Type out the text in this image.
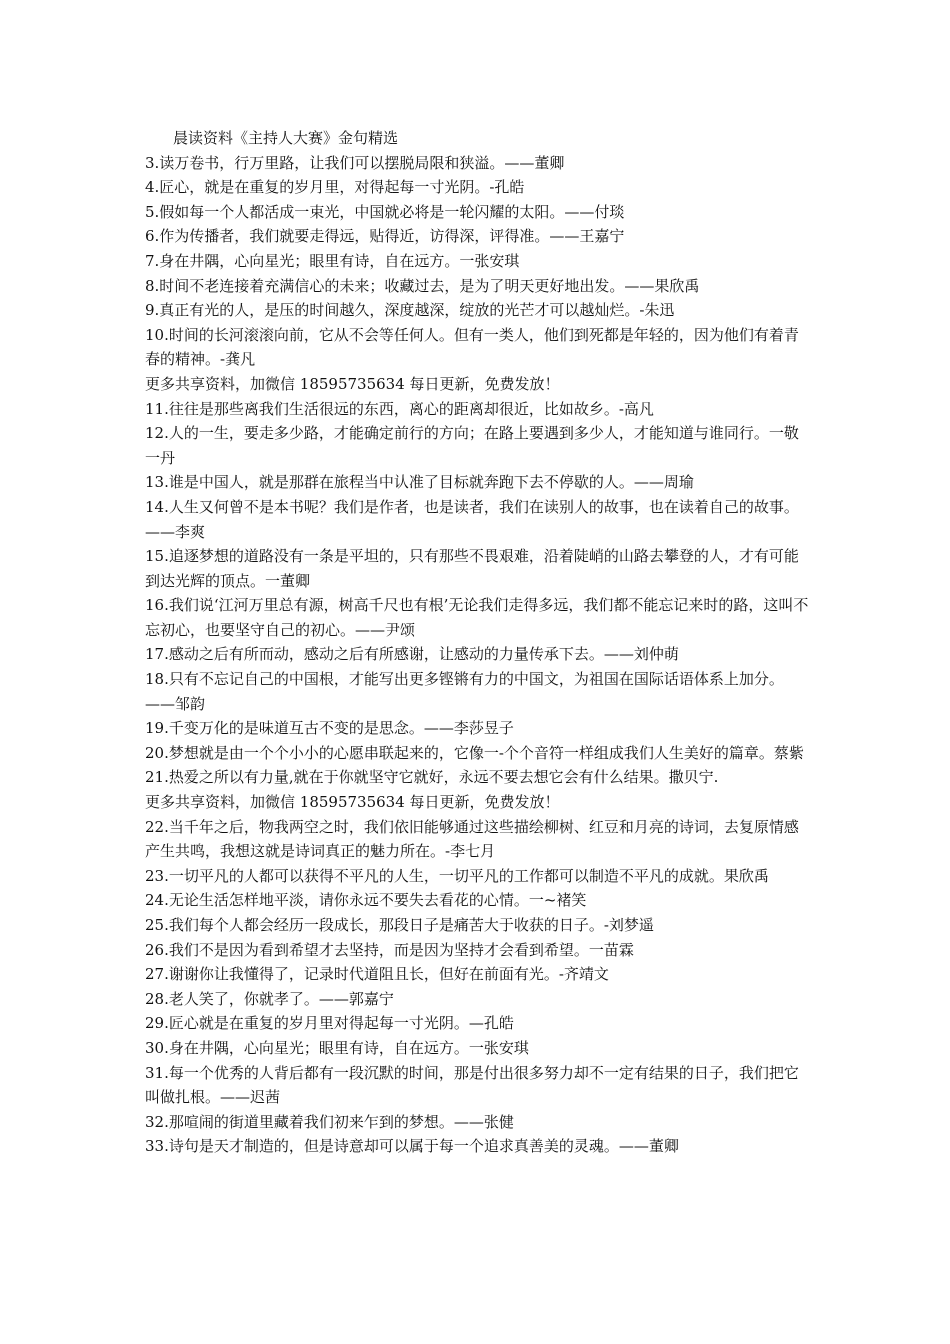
晨读资料《主持人大赛》金句精选

3.读万卷书，行万里路，让我们可以摆脱局限和狭溢。——董卿

4.匠心，就是在重复的岁月里，对得起每一寸光阴。-孔皓

5.假如每一个人都活成一束光，中国就必将是一轮闪耀的太阳。——付琰

6.作为传播者，我们就要走得远，贴得近，访得深，评得准。——王嘉宁

7.身在井隅，心向星光；眼里有诗，自在远方。一张安琪

8.时间不老连接着充满信心的未来；收藏过去，是为了明天更好地出发。——果欣禹

9.真正有光的人，是压的时间越久，深度越深，绽放的光芒才可以越灿烂。-朱迅

10.时间的长河滚滚向前，它从不会等任何人。但有一类人，他们到死都是年轻的，因为他们有着青春的精神。-龚凡

更多共享资料，加微信 18595735634 每日更新，免费发放！

11.往往是那些离我们生活很远的东西，离心的距离却很近，比如故乡。-高凡

12.人的一生，要走多少路，才能确定前行的方向；在路上要遇到多少人，才能知道与谁同行。一敬一丹

13.谁是中国人，就是那群在旅程当中认准了目标就奔跑下去不停歇的人。——周瑜

14.人生又何曾不是本书呢？我们是作者，也是读者，我们在读别人的故事，也在读着自己的故事。——李爽

15.追逐梦想的道路没有一条是平坦的，只有那些不畏艰难，沿着陡峭的山路去攀登的人，才有可能到达光辉的顶点。一董卿

16.我们说‘江河万里总有源，树高千尺也有根’无论我们走得多远，我们都不能忘记来时的路，这叫不忘初心，也要坚守自己的初心。——尹颂

17.感动之后有所而动，感动之后有所感谢，让感动的力量传承下去。——刘仲萌

18.只有不忘记自己的中国根，才能写出更多铿锵有力的中国文，为祖国在国际话语体系上加分。——邹韵

19.千变万化的是味道互古不变的是思念。——李莎昱子

20.梦想就是由一个个小小的心愿串联起来的，它像一-个个音符一样组成我们人生美好的篇章。蔡紫

21.热爱之所以有力量,就在于你就坚守它就好，永远不要去想它会有什么结果。撒贝宁.

更多共享资料，加微信 18595735634 每日更新，免费发放！

22.当千年之后，物我两空之时，我们依旧能够通过这些描绘柳树、红豆和月亮的诗词，去复原情感产生共鸣，我想这就是诗词真正的魅力所在。-李七月

23.一切平凡的人都可以获得不平凡的人生，一切平凡的工作都可以制造不平凡的成就。果欣禹

24.无论生活怎样地平淡，请你永远不要失去看花的心情。一~褚笑

25.我们每个人都会经历一段成长，那段日子是痛苦大于收获的日子。-刘梦遥

26.我们不是因为看到希望才去坚持，而是因为坚持才会看到希望。一苗霖

27.谢谢你让我懂得了，记录时代道阻且长，但好在前面有光。-齐靖文

28.老人笑了，你就孝了。——郭嘉宁

29.匠心就是在重复的岁月里对得起每一寸光阴。—孔皓

30.身在井隅，心向星光；眼里有诗，自在远方。一张安琪

31.每一个优秀的人背后都有一段沉默的时间，那是付出很多努力却不一定有结果的日子，我们把它叫做扎根。——迟茜

32.那喧闹的街道里藏着我们初来乍到的梦想。——张健

33.诗句是天才制造的，但是诗意却可以属于每一个追求真善美的灵魂。——董卿
